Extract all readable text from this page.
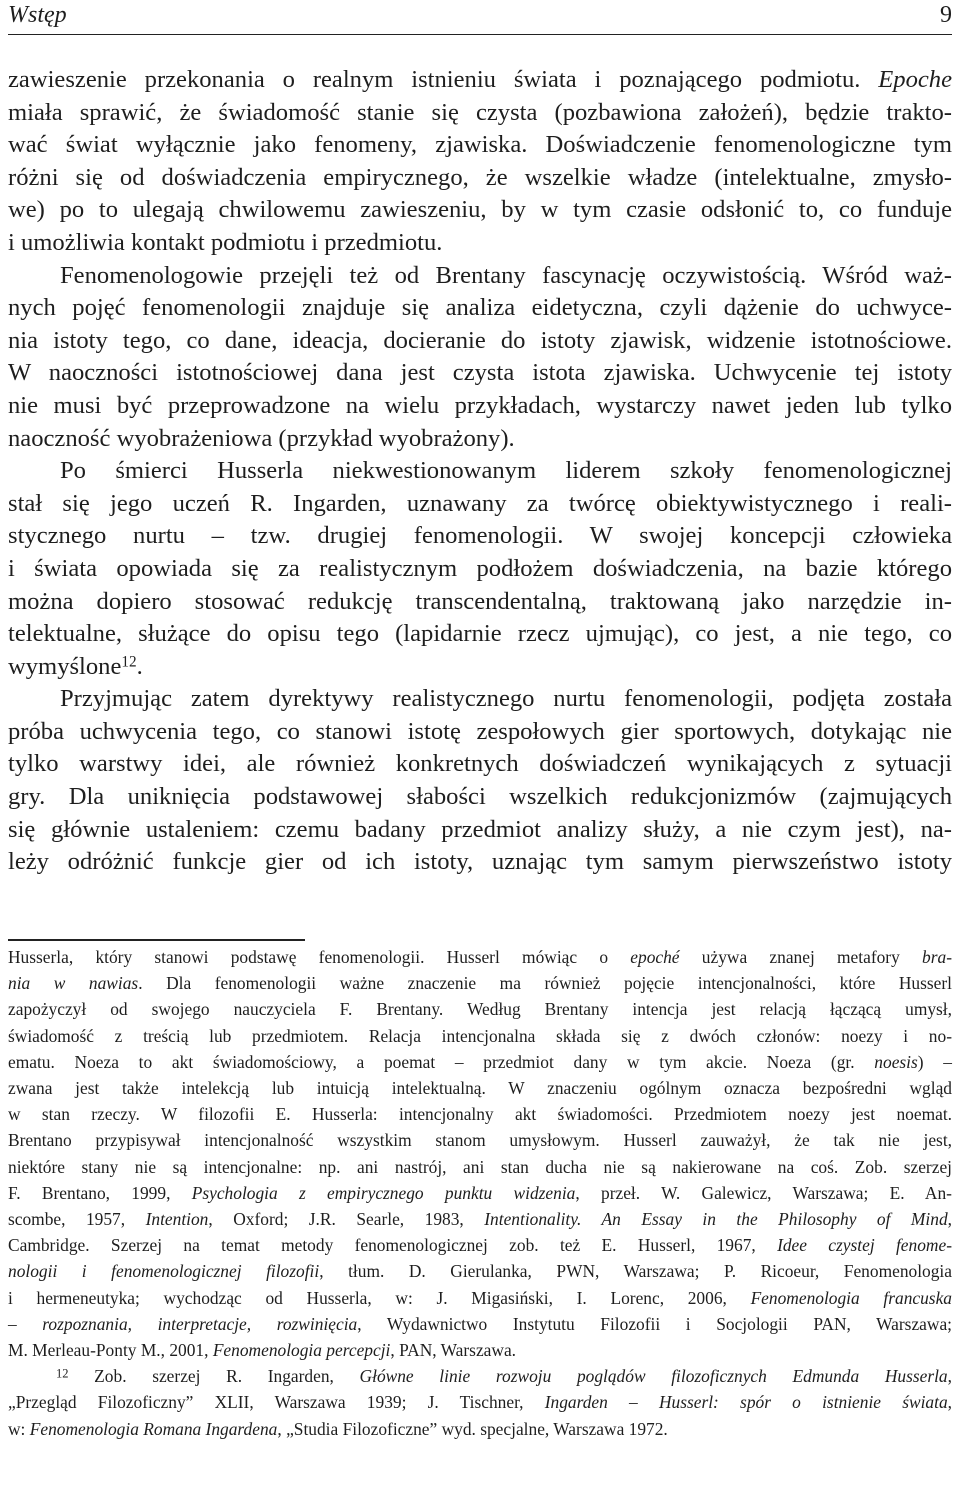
Wstęp	9

zawieszenie przekonania o realnym istnieniu świata i poznającego podmiotu. Epoche

miała sprawić, że świadomość stanie się czysta (pozbawiona założeń), będzie trakto-

wać świat wyłącznie jako fenomeny, zjawiska. Doświadczenie fenomenologiczne tym

różni się od doświadczenia empirycznego, że wszelkie władze (intelektualne, zmysło-

we) po to ulegają chwilowemu zawieszeniu, by w tym czasie odsłonić to, co funduje

i umożliwia kontakt podmiotu i przedmiotu.

Fenomenologowie przejęli też od Brentany fascynację oczywistością. Wśród waż-

nych pojęć fenomenologii znajduje się analiza eidetyczna, czyli dążenie do uchwyce-

nia istoty tego, co dane, ideacja, docieranie do istoty zjawisk, widzenie istotnościowe.

W naoczności istotnościowej dana jest czysta istota zjawiska. Uchwycenie tej istoty

nie musi być przeprowadzone na wielu przykładach, wystarczy nawet jeden lub tylko

naoczność wyobrażeniowa (przykład wyobrażony).

Po śmierci Husserla niekwestionowanym liderem szkoły fenomenologicznej

stał się jego uczeń R. Ingarden, uznawany za twórcę obiektywistycznego i reali-

stycznego nurtu – tzw. drugiej fenomenologii. W swojej koncepcji człowieka

i świata opowiada się za realistycznym podłożem doświadczenia, na bazie którego

można dopiero stosować redukcję transcendentalną, traktowaną jako narzędzie in-

telektualne, służące do opisu tego (lapidarnie rzecz ujmując), co jest, a nie tego, co

wymyślone$^{12}$.

Przyjmując zatem dyrektywy realistycznego nurtu fenomenologii, podjęta została

próba uchwycenia tego, co stanowi istotę zespołowych gier sportowych, dotykając nie

tylko warstwy idei, ale również konkretnych doświadczeń wynikających z sytuacji

gry. Dla uniknięcia podstawowej słabości wszelkich redukcjonizmów (zajmujących

się głównie ustaleniem: czemu badany przedmiot analizy służy, a nie czym jest), na-

leży odróżnić funkcje gier od ich istoty, uznając tym samym pierwszeństwo istoty

Husserla, który stanowi podstawę fenomenologii. Husserl mówiąc o epoché używa znanej metafory bra-

nia w nawias. Dla fenomenologii ważne znaczenie ma również pojęcie intencjonalności, które Husserl

zapożyczył od swojego nauczyciela F. Brentany. Według Brentany intencja jest relacją łączącą umysł,

świadomość z treścią lub przedmiotem. Relacja intencjonalna składa się z dwóch członów: noezy i no-

ematu. Noeza to akt świadomościowy, a poemat – przedmiot dany w tym akcie. Noeza (gr. noesis) –

zwana jest także intelekcją lub intuicją intelektualną. W znaczeniu ogólnym oznacza bezpośredni wgląd

w stan rzeczy. W filozofii E. Husserla: intencjonalny akt świadomości. Przedmiotem noezy jest noemat.

Brentano przypisywał intencjonalność wszystkim stanom umysłowym. Husserl zauważył, że tak nie jest,

niektóre stany nie są intencjonalne: np. ani nastrój, ani stan ducha nie są nakierowane na coś. Zob. szerzej

F. Brentano, 1999, Psychologia z empirycznego punktu widzenia, przeł. W. Galewicz, Warszawa; E. An-

scombe, 1957, Intention, Oxford; J.R. Searle, 1983, Intentionality. An Essay in the Philosophy of Mind,

Cambridge. Szerzej na temat metody fenomenologicznej zob. też E. Husserl, 1967, Idee czystej fenome-

nologii i fenomenologicznej filozofii, tłum. D. Gierulanka, PWN, Warszawa; P. Ricoeur, Fenomenologia

i hermeneutyka; wychodząc od Husserla, w: J. Migasiński, I. Lorenc, 2006, Fenomenologia francuska

– rozpoznania, interpretacje, rozwinięcia, Wydawnictwo Instytutu Filozofii i Socjologii PAN, Warszawa;

M. Merleau-Ponty M., 2001, Fenomenologia percepcji, PAN, Warszawa.

$^{12}$ Zob. szerzej R. Ingarden, Główne linie rozwoju poglądów filozoficznych Edmunda Husserla,

„Przegląd Filozoficzny” XLII, Warszawa 1939; J. Tischner, Ingarden – Husserl: spór o istnienie świata,

w: Fenomenologia Romana Ingardena, „Studia Filozoficzne” wyd. specjalne, Warszawa 1972.
